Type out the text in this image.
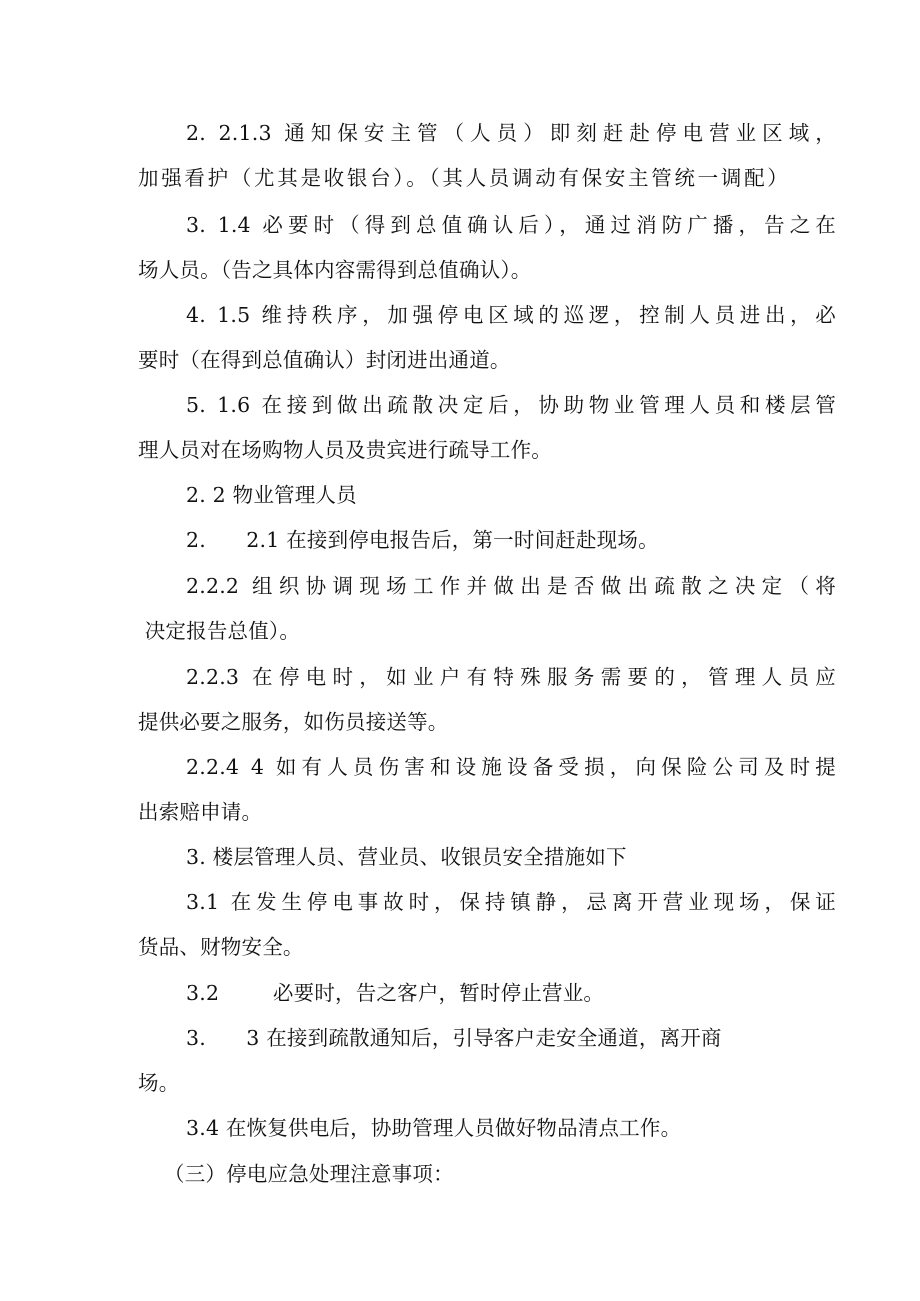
2. 2.1.3 通知保安主管（人员）即刻赶赴停电营业区域，
加强看护（尤其是收银台）。（其人员调动有保安主管统一调配）
3. 1.4 必要时（得到总值确认后），通过消防广播，告之在
场人员。（告之具体内容需得到总值确认）。
4. 1.5 维持秩序，加强停电区域的巡逻，控制人员进出，必
要时（在得到总值确认）封闭进出通道。
5. 1.6 在接到做出疏散决定后，协助物业管理人员和楼层管
理人员对在场购物人员及贵宾进行疏导工作。
2. 2 物业管理人员
2.      2.1 在接到停电报告后，第一时间赶赴现场。
2.2.2 组织协调现场工作并做出是否做出疏散之决定（将
决定报告总值）。
2.2.3 在停电时，如业户有特殊服务需要的，管理人员应
提供必要之服务，如伤员接送等。
2.2.4 4 如有人员伤害和设施设备受损，向保险公司及时提
出索赔申请。
3. 楼层管理人员、营业员、收银员安全措施如下
3.1 在发生停电事故时，保持镇静，忌离开营业现场，保证
货品、财物安全。
3.2        必要时，告之客户，暂时停止营业。
3.      3 在接到疏散通知后，引导客户走安全通道，离开商
场。
3.4 在恢复供电后，协助管理人员做好物品清点工作。
（三）停电应急处理注意事项：
